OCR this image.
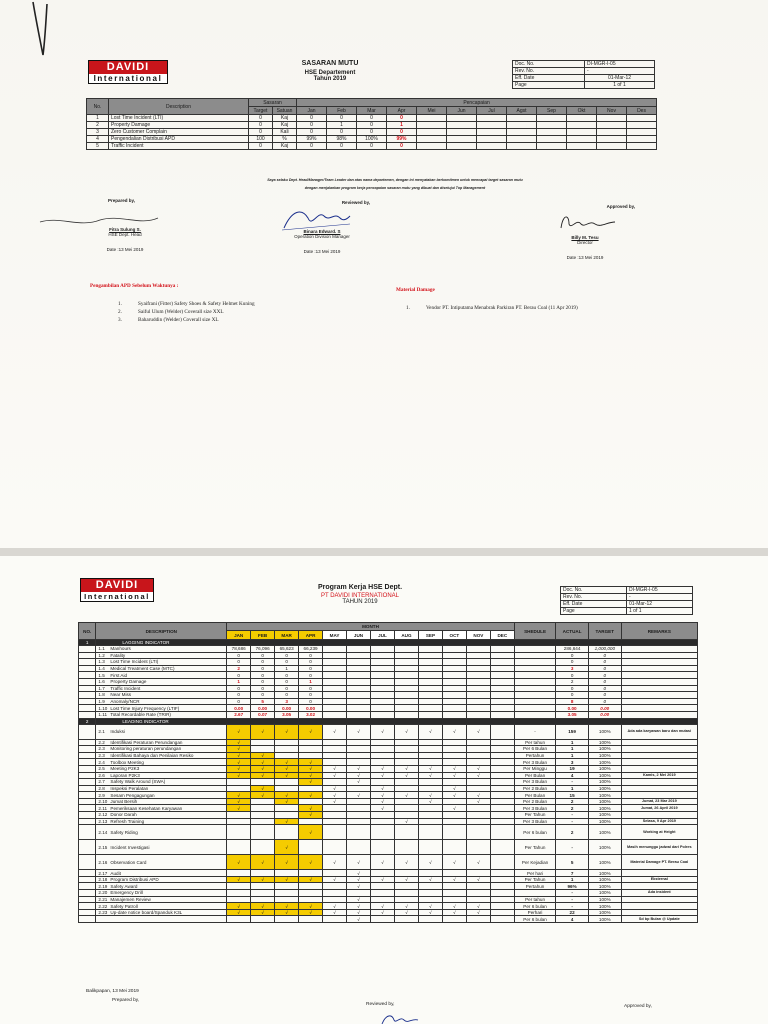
DAVIDI
International
SASARAN MUTU
HSE Departement
Tahun 2019
Doc. No.	DI-MGR-I-05
Rev. No.	-
Eff. Date	01-Mar-12
Page	1 of 1
No.	Description	Sasaran		Pencapaian											
		Target	Satuan	Jan	Feb	Mar	Apr	Mei	Jun	Jul	Agst	Sep	Okt	Nov	Des
1	Lost Time Incident (LTI)	0	Kaj	0	0	0	0								
2	Property Damage	0	Kaj	0	1	0	1								
3	Zero Customer Complain	0	Kali	0	0	0	0								
4	Pengendalian Distribusi APD	100	%	99%	98%	100%	99%								
5	Traffic Incident	0	Kaj	0	0	0	0								
Saya selaku Dept. Head/Manager/Team Leader dan atas nama departemen, dengan ini menyatakan berkomitmen untuk mencapai target sasaran mutu
dengan menjalankan program kerja pencapaian sasaran mutu yang dibuat dan disetujui Top Management
Prepared by,
Fitra Sulung S.
HSE Dept. Head
Date :13 Mei 2019
Reviewed by,
Binara Edward. S
Operation Division Manager
Date :13 Mei 2019
Approved by,
Billy M. Tesu
Director
Date :13 Mei 2019
Pengambilan APD Sebelum Waktunya :
1.	Syaifrani (Fitter) Safety Shoes & Safety Helmet Kuning
2.	Saiful Ulum (Welder) Coverall size XXL
3.	Baharuddin (Welder) Coverall size XL
Material Damage
1.	Vendor PT. Intiputama Menabrak Parkiran PT. Berau Coal (11 Apr 2019)
DAVIDI
International
Program Kerja HSE Dept.
PT DAVIDI INTERNATIONAL
TAHUN 2019
Doc. No.	DI-MGR-I-05
Rev. No.	-
Eff. Date	01-Mar-12
Page	1 of 1
NO.	DESCRIPTION	MONTH												SHEDULE	ACTUAL	TARGET	REMARKS
		JAN	FEB	MAR	APR	MAY	JUN	JUL	AUG	SEP	OCT	NOV	DEC				
1	LAGGING INDICATOR																
	1.1 Manhours	78,686	76,096	65,623	66,239										286,644	1,000,000	
	1.2 Fatality	0	0	0	0										0	0	
	1.3 Lost Time Incident (LTI)	0	0	0	0										0	0	
	1.4 Medical Treatment Case (MTC)	2	0	1	0										3	0	
	1.5 First Aid	0	0	0	0										0	0	
	1.6 Property Damage	1	0	0	1										2	0	
	1.7 Traffic Incident	0	0	0	0										0	0	
	1.8 Near Miss	0	0	0	0										0	0	
	1.9 Anomaly/NCR	0	5	3	0										8	0	
	1.10 Lost Time Injury Frequency (LTIF)	0.00	0.00	0.00	0.00										0.00	0.00	
	1.11 Total Recordable Rate (TRIR)	2.67	0.07	3.05	3.02										3.05	0.00	
2	LEADING INDICATOR																
	2.1 Induksi	√	√	√	√	√	√	√	√	√	√	√		-	159	100%	Ada ada karyawan baru dan mutasi
	2.2 Identifikasi Peraturan Perundangan	√												Per tahun	1	100%	
	2.3 Monitoring peraturan perundangan	√												Per 6 Bulan	1	100%	
	2.3 Identifikasi Bahaya dan Penilaian Resiko	√	√											Pertahun	1	100%	
	2.4 Toolbox Meeting	√	√	√	√									Per 3 Bulan	3	100%	
	2.5 Meeting P2K3	√	√	√	√	√	√	√	√	√	√	√		Per Minggu	19	100%	
	2.6 Laporan P2K3	√	√	√	√	√	√	√	√	√	√	√		Per Bulan	4	100%	Kamis, 2 Mei 2019
	2.7 Safety Walk Around (SWA)				√		√							Per 3 Bulan	-	100%	
	2.8 Inspeksi Peralatan		√			√		√			√			Per 2 Bulan	1	100%	
	2.9 Sesam Pengagungan	√	√	√	√	√	√	√	√	√	√	√		Per Bulan	15	100%	
	2.10 Jumat Bersih	√		√		√		√		√		√		Per 2 Bulan	2	100%	Jumat, 23 Mar 2019
	2.11 Pemeriksaan Kesehatan Karyawan	√			√			√			√			Per 3 Bulan	2	100%	Jumat, 26 April 2019
	2.12 Donor Darah				√									Per Tahun	-	100%	
	2.13 Refresh Training			√					√					Per 3 Bulan	-	100%	Selasa, 9 Apr 2019
	2.14 Safety Riding				√									Per 6 bulan	2	100%	Working at Height
	2.15 Incident Investigasi			√										Per Tahun	-	100%	Masih menunggu jadwal dari Polres
	2.16 Observation Card	√	√	√	√	√	√	√	√	√	√	√		Per Kejadian	5	100%	Material Damage PT. Berau Coal
	2.17 Audit						√							Per hari	7	100%	
	2.18 Program Distribusi APD	√	√	√	√	√	√	√	√	√	√	√		Per Tahun	1	100%	Eksternal
	2.19 Safety Award						√							Pertahun	96%	100%	
	2.20 Emergency Drill														-	100%	Ada insident
	2.21 Manajemen Review						√							Per tahun	-	100%	
	2.22 Safety Patroll	√	√	√	√	√	√	√	√	√	√	√		Per 6 bulan	-	100%	
	2.23 Up-date notice board/Spanduk K3L	√	√	√	√	√	√	√	√	√	√	√		Perhari	22	100%	
							√							Per 6 bulan	4	100%	Sd bp Bulan @ Update
Balikpapan, 13 Mei 2019
Prepared by,
Reviewed by,	Approved by,
